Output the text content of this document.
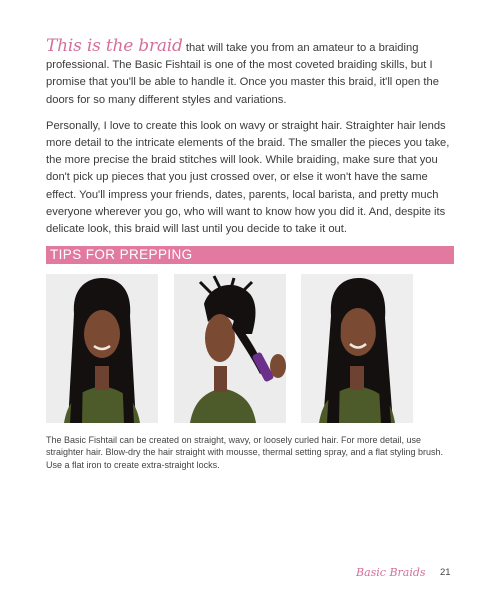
This is the braid that will take you from an amateur to a braiding professional. The Basic Fishtail is one of the most coveted braiding skills, but I promise that you'll be able to handle it. Once you master this braid, it'll open the doors for so many different styles and variations.

Personally, I love to create this look on wavy or straight hair. Straighter hair lends more detail to the intricate elements of the braid. The smaller the pieces you take, the more precise the braid stitches will look. While braiding, make sure that you don't pick up pieces that you just crossed over, or else it won't have the same effect. You'll impress your friends, dates, parents, local barista, and pretty much everyone wherever you go, who will want to know how you did it. And, despite its delicate look, this braid will last until you decide to take it out.

TIPS FOR PREPPING
The Basic Fishtail can be created on straight, wavy, or loosely curled hair. For more detail, use straighter hair. Blow-dry the hair straight with mousse, thermal setting spray, and a flat styling brush. Use a flat iron to create extra-straight locks.
Basic Braids 21
